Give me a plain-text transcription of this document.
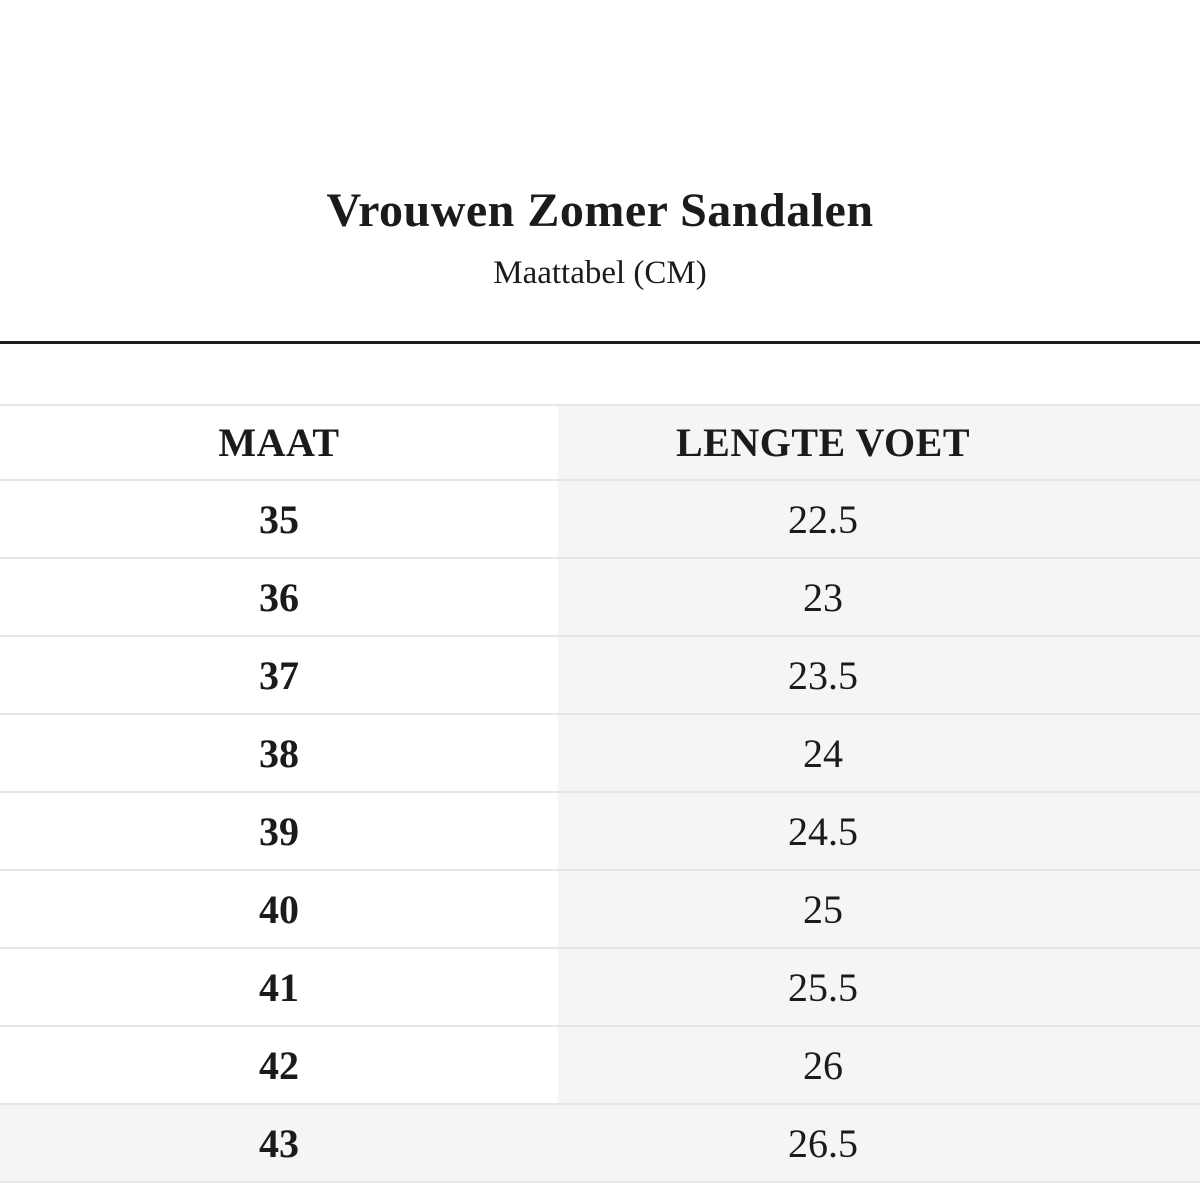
Vrouwen Zomer Sandalen

Maattabel (CM)

MAAT	LENGTE VOET
35	22.5
36	23
37	23.5
38	24
39	24.5
40	25
41	25.5
42	26
43	26.5
